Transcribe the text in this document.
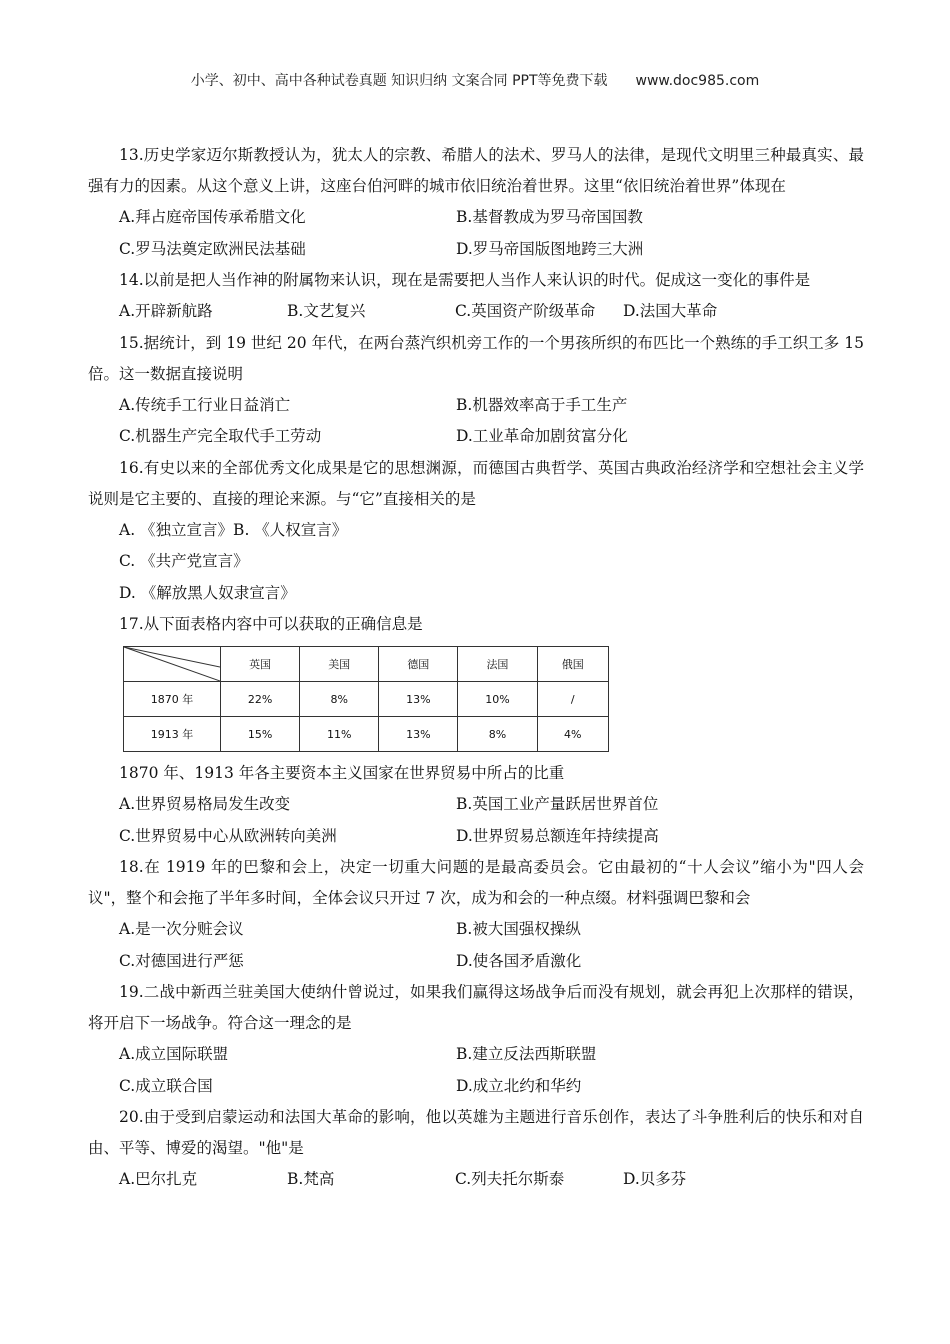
小学、初中、高中各种试卷真题 知识归纳 文案合同 PPT等免费下载 www.doc985.com

13.历史学家迈尔斯教授认为，犹太人的宗教、希腊人的法术、罗马人的法律，是现代文明里三种最真实、最强有力的因素。从这个意义上讲，这座台伯河畔的城市依旧统治着世界。这里“依旧统治着世界”体现在

A.拜占庭帝国传承希腊文化	B.基督教成为罗马帝国国教
C.罗马法奠定欧洲民法基础	D.罗马帝国版图地跨三大洲

14.以前是把人当作神的附属物来认识，现在是需要把人当作人来认识的时代。促成这一变化的事件是

A.开辟新航路	B.文艺复兴	C.英国资产阶级革命	D.法国大革命

15.据统计，到 19 世纪 20 年代，在两台蒸汽织机旁工作的一个男孩所织的布匹比一个熟练的手工织工多 15 倍。这一数据直接说明

A.传统手工行业日益消亡	B.机器效率高于手工生产
C.机器生产完全取代手工劳动	D.工业革命加剧贫富分化

16.有史以来的全部优秀文化成果是它的思想渊源，而德国古典哲学、英国古典政治经济学和空想社会主义学说则是它主要的、直接的理论来源。与“它”直接相关的是

A. 《独立宣言》B. 《人权宣言》
C. 《共产党宣言》
D. 《解放黑人奴隶宣言》

17.从下面表格内容中可以获取的正确信息是

	英国	美国	德国	法国	俄国
1870 年	22%	8%	13%	10%	/
1913 年	15%	11%	13%	8%	4%
1870 年、1913 年各主要资本主义国家在世界贸易中所占的比重
A.世界贸易格局发生改变	B.英国工业产量跃居世界首位
C.世界贸易中心从欧洲转向美洲	D.世界贸易总额连年持续提高

18.在 1919 年的巴黎和会上，决定一切重大问题的是最高委员会。它由最初的“十人会议”缩小为"四人会议"，整个和会拖了半年多时间，全体会议只开过 7 次，成为和会的一种点缀。材料强调巴黎和会

A.是一次分赃会议	B.被大国强权操纵
C.对德国进行严惩	D.使各国矛盾激化

19.二战中新西兰驻美国大使纳什曾说过，如果我们赢得这场战争后而没有规划，就会再犯上次那样的错误，将开启下一场战争。符合这一理念的是

A.成立国际联盟	B.建立反法西斯联盟
C.成立联合国	D.成立北约和华约

20.由于受到启蒙运动和法国大革命的影响，他以英雄为主题进行音乐创作，表达了斗争胜利后的快乐和对自由、平等、博爱的渴望。"他"是

A.巴尔扎克	B.梵高	C.列夫托尔斯泰	D.贝多芬
